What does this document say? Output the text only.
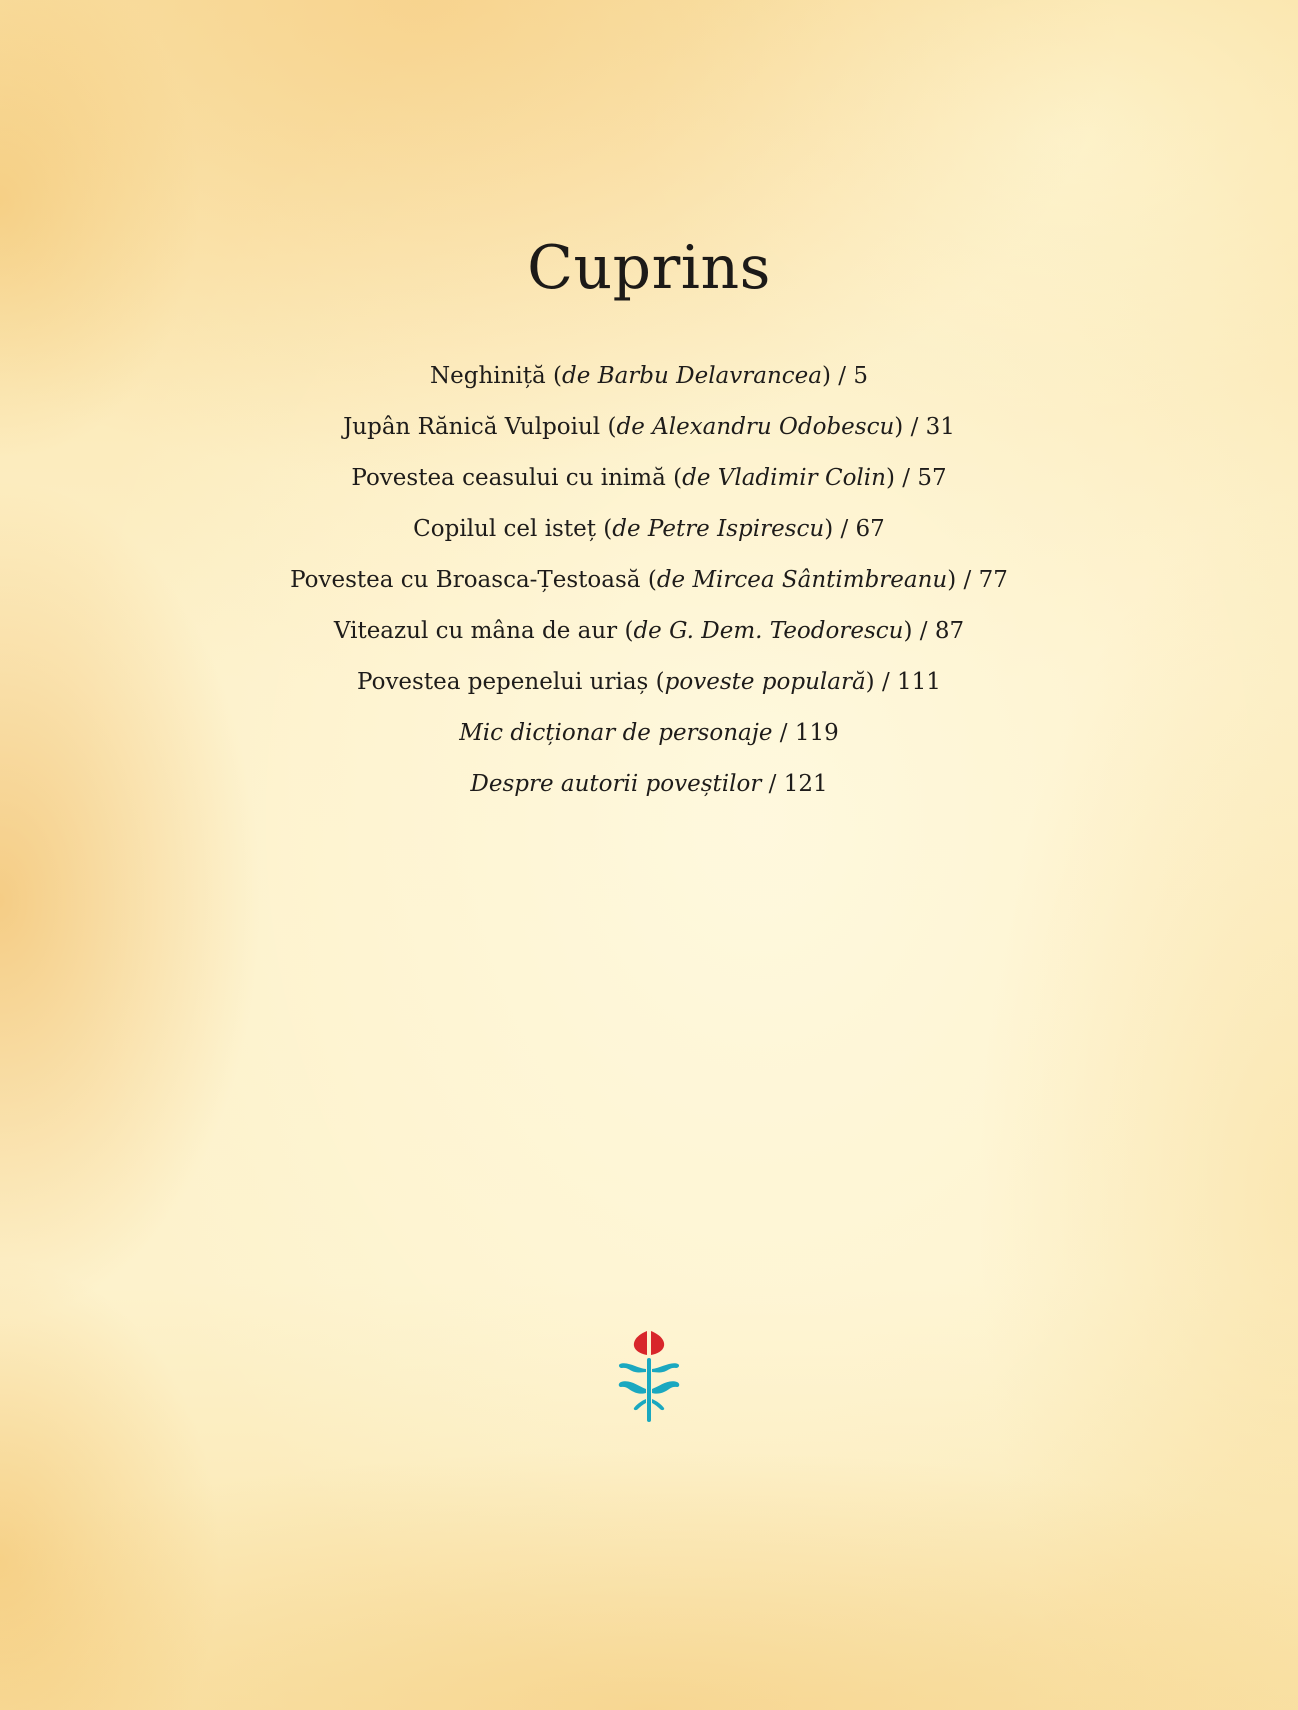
Cuprins
Neghiniță (de Barbu Delavrancea) / 5
Jupân Rănică Vulpoiul (de Alexandru Odobescu) / 31
Povestea ceasului cu inimă (de Vladimir Colin) / 57
Copilul cel isteț (de Petre Ispirescu) / 67
Povestea cu Broasca-Țestoasă (de Mircea Sântimbreanu) / 77
Viteazul cu mâna de aur (de G. Dem. Teodorescu) / 87
Povestea pepenelui uriaș (poveste populară) / 111
Mic dicționar de personaje / 119
Despre autorii poveștilor / 121
